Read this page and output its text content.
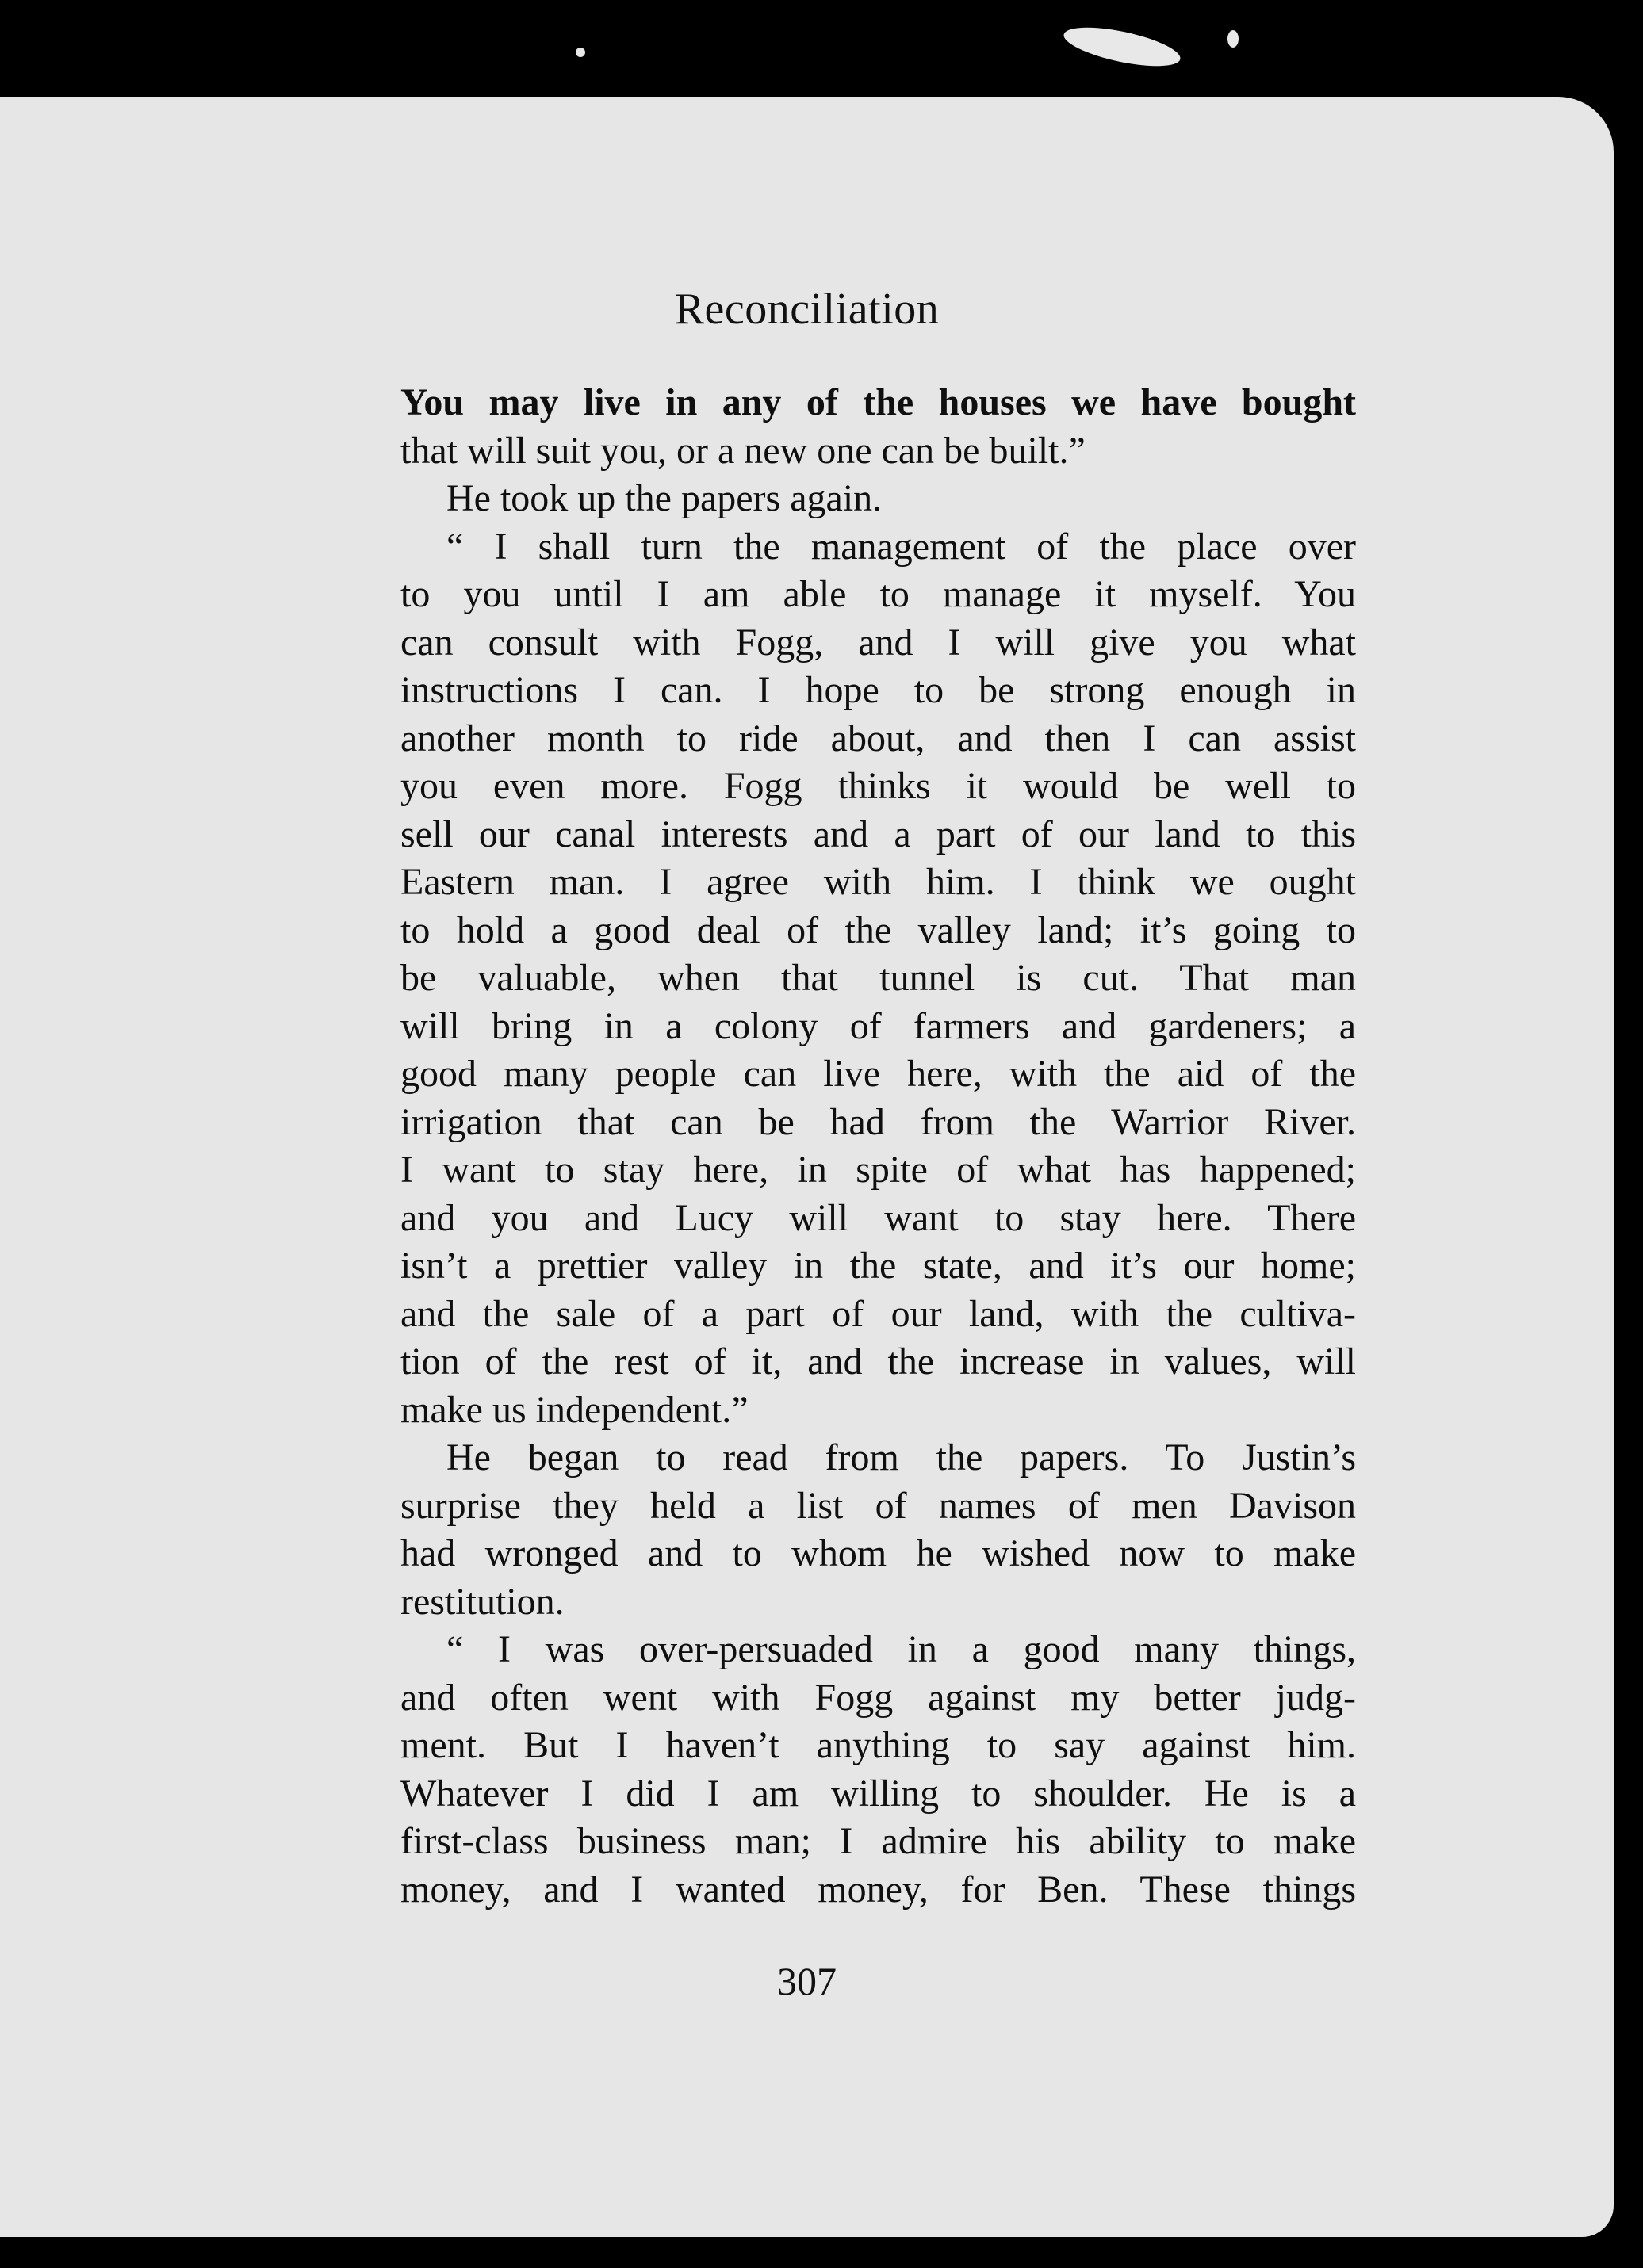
Reconciliation
You may live in any of the houses we have bought
that will suit you, or a new one can be built.”
He took up the papers again.
“ I shall turn the management of the place over
to you until I am able to manage it myself. You
can consult with Fogg, and I will give you what
instructions I can. I hope to be strong enough in
another month to ride about, and then I can assist
you even more. Fogg thinks it would be well to
sell our canal interests and a part of our land to this
Eastern man. I agree with him. I think we ought
to hold a good deal of the valley land; it’s going to
be valuable, when that tunnel is cut. That man
will bring in a colony of farmers and gardeners; a
good many people can live here, with the aid of the
irrigation that can be had from the Warrior River.
I want to stay here, in spite of what has happened;
and you and Lucy will want to stay here. There
isn’t a prettier valley in the state, and it’s our home;
and the sale of a part of our land, with the cultiva-
tion of the rest of it, and the increase in values, will
make us independent.”
He began to read from the papers. To Justin’s
surprise they held a list of names of men Davison
had wronged and to whom he wished now to make
restitution.
“ I was over-persuaded in a good many things,
and often went with Fogg against my better judg-
ment. But I haven’t anything to say against him.
Whatever I did I am willing to shoulder. He is a
first-class business man; I admire his ability to make
money, and I wanted money, for Ben. These things
307
